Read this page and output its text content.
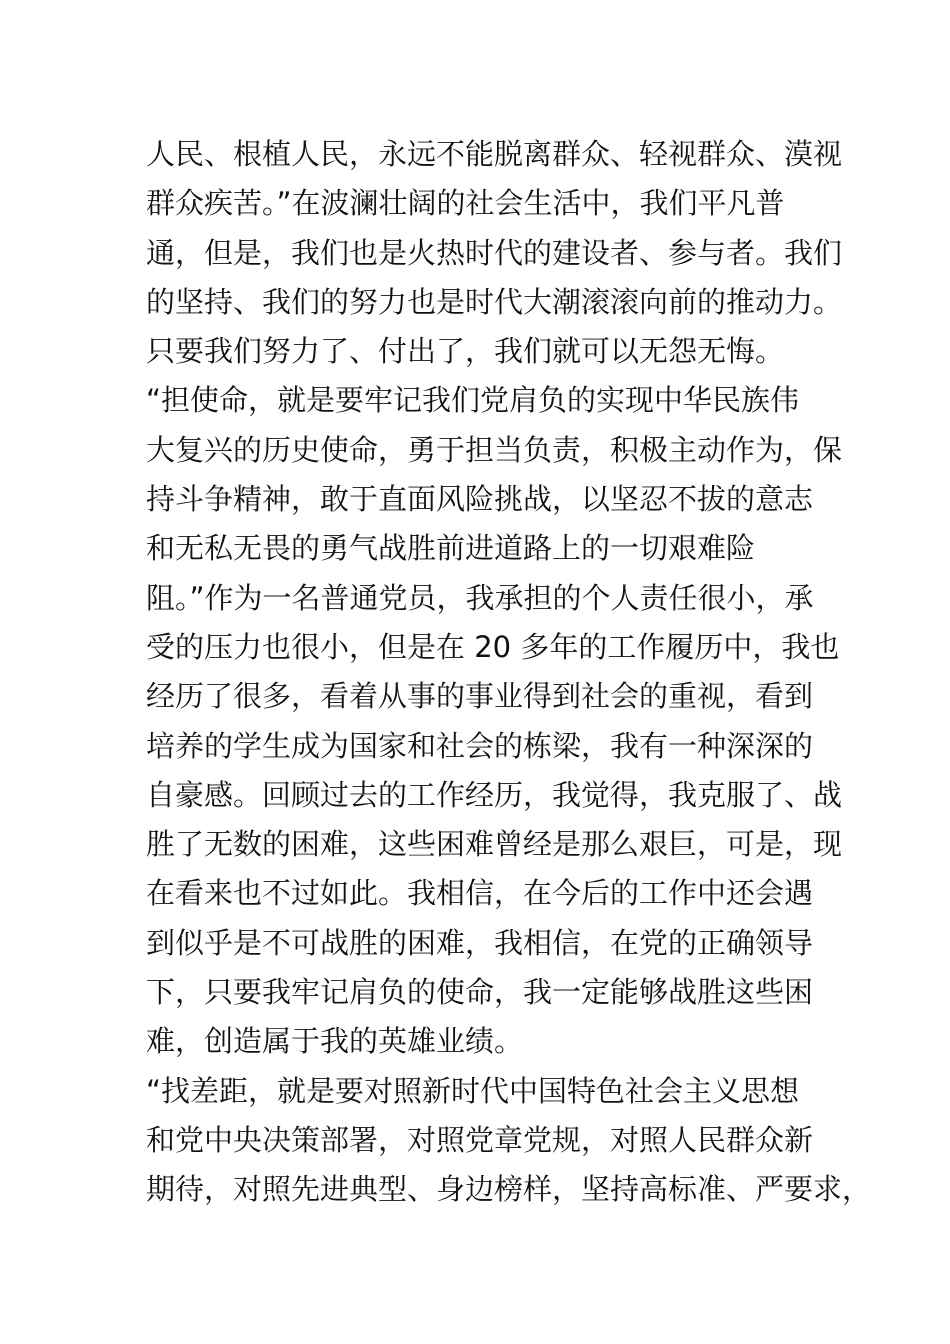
人民、根植人民，永远不能脱离群众、轻视群众、漠视
群众疾苦。”在波澜壮阔的社会生活中，我们平凡普
通，但是，我们也是火热时代的建设者、参与者。我们
的坚持、我们的努力也是时代大潮滚滚向前的推动力。
只要我们努力了、付出了，我们就可以无怨无悔。
“担使命，就是要牢记我们党肩负的实现中华民族伟
大复兴的历史使命，勇于担当负责，积极主动作为，保
持斗争精神，敢于直面风险挑战，以坚忍不拔的意志
和无私无畏的勇气战胜前进道路上的一切艰难险
阻。”作为一名普通党员，我承担的个人责任很小，承
受的压力也很小，但是在 20 多年的工作履历中，我也
经历了很多，看着从事的事业得到社会的重视，看到
培养的学生成为国家和社会的栋梁，我有一种深深的
自豪感。回顾过去的工作经历，我觉得，我克服了、战
胜了无数的困难，这些困难曾经是那么艰巨，可是，现
在看来也不过如此。我相信，在今后的工作中还会遇
到似乎是不可战胜的困难，我相信，在党的正确领导
下，只要我牢记肩负的使命，我一定能够战胜这些困
难，创造属于我的英雄业绩。
“找差距，就是要对照新时代中国特色社会主义思想
和党中央决策部署，对照党章党规，对照人民群众新
期待，对照先进典型、身边榜样，坚持高标准、严要求，
